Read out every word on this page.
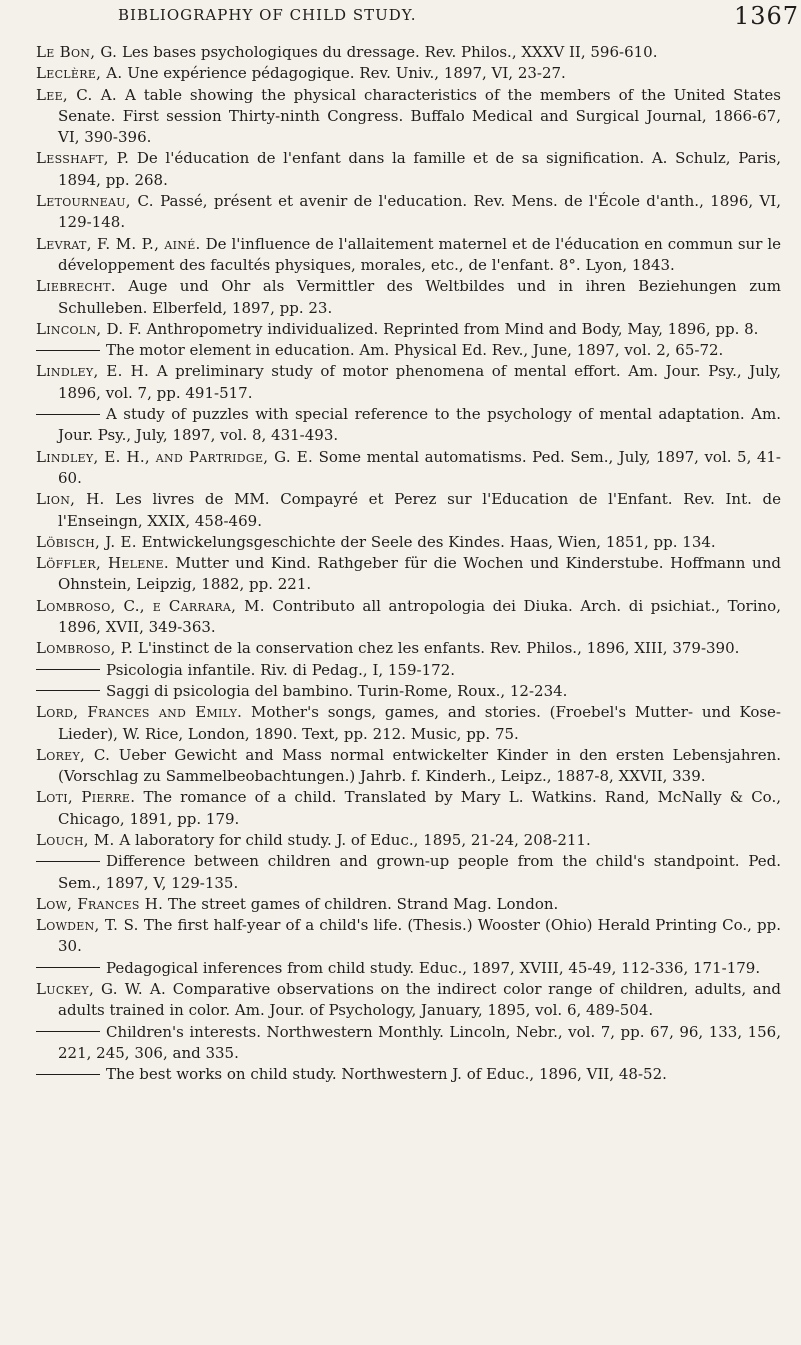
BIBLIOGRAPHY OF CHILD STUDY.	1367
Le Bon, G. Les bases psychologiques du dressage. Rev. Philos., XXXV II, 596-610.
Leclère, A. Une expérience pédagogique. Rev. Univ., 1897, VI, 23-27.
Lee, C. A. A table showing the physical characteristics of the members of the United States Senate. First session Thirty-ninth Congress. Buffalo Medical and Surgical Journal, 1866-67, VI, 390-396.
Lesshaft, P. De l'éducation de l'enfant dans la famille et de sa signification. A. Schulz, Paris, 1894, pp. 268.
Letourneau, C. Passé, présent et avenir de l'education. Rev. Mens. de l'École d'anth., 1896, VI, 129-148.
Levrat, F. M. P., ainé. De l'influence de l'allaitement maternel et de l'éducation en commun sur le développement des facultés physiques, morales, etc., de l'enfant. 8°. Lyon, 1843.
Liebrecht. Auge und Ohr als Vermittler des Weltbildes und in ihren Beziehungen zum Schulleben. Elberfeld, 1897, pp. 23.
Lincoln, D. F. Anthropometry individualized. Reprinted from Mind and Body, May, 1896, pp. 8.
The motor element in education. Am. Physical Ed. Rev., June, 1897, vol. 2, 65-72.
Lindley, E. H. A preliminary study of motor phenomena of mental effort. Am. Jour. Psy., July, 1896, vol. 7, pp. 491-517.
A study of puzzles with special reference to the psychology of mental adaptation. Am. Jour. Psy., July, 1897, vol. 8, 431-493.
Lindley, E. H., and Partridge, G. E. Some mental automatisms. Ped. Sem., July, 1897, vol. 5, 41-60.
Lion, H. Les livres de MM. Compayré et Perez sur l'Education de l'Enfant. Rev. Int. de l'Enseingn, XXIX, 458-469.
Löbisch, J. E. Entwickelungsgeschichte der Seele des Kindes. Haas, Wien, 1851, pp. 134.
Löffler, Helene. Mutter und Kind. Rathgeber für die Wochen und Kinderstube. Hoffmann und Ohnstein, Leipzig, 1882, pp. 221.
Lombroso, C., e Carrara, M. Contributo all antropologia dei Diuka. Arch. di psichiat., Torino, 1896, XVII, 349-363.
Lombroso, P. L'instinct de la conservation chez les enfants. Rev. Philos., 1896, XIII, 379-390.
Psicologia infantile. Riv. di Pedag., I, 159-172.
Saggi di psicologia del bambino. Turin-Rome, Roux., 12-234.
Lord, Frances and Emily. Mother's songs, games, and stories. (Froebel's Mutter- und Kose-Lieder), W. Rice, London, 1890. Text, pp. 212. Music, pp. 75.
Lorey, C. Ueber Gewicht and Mass normal entwickelter Kinder in den ersten Lebensjahren. (Vorschlag zu Sammelbeobachtungen.) Jahrb. f. Kinderh., Leipz., 1887-8, XXVII, 339.
Loti, Pierre. The romance of a child. Translated by Mary L. Watkins. Rand, McNally & Co., Chicago, 1891, pp. 179.
Louch, M. A laboratory for child study. J. of Educ., 1895, 21-24, 208-211.
Difference between children and grown-up people from the child's standpoint. Ped. Sem., 1897, V, 129-135.
Low, Frances H. The street games of children. Strand Mag. London.
Lowden, T. S. The first half-year of a child's life. (Thesis.) Wooster (Ohio) Herald Printing Co., pp. 30.
Pedagogical inferences from child study. Educ., 1897, XVIII, 45-49, 112-336, 171-179.
Luckey, G. W. A. Comparative observations on the indirect color range of children, adults, and adults trained in color. Am. Jour. of Psychology, January, 1895, vol. 6, 489-504.
Children's interests. Northwestern Monthly. Lincoln, Nebr., vol. 7, pp. 67, 96, 133, 156, 221, 245, 306, and 335.
The best works on child study. Northwestern J. of Educ., 1896, VII, 48-52.
